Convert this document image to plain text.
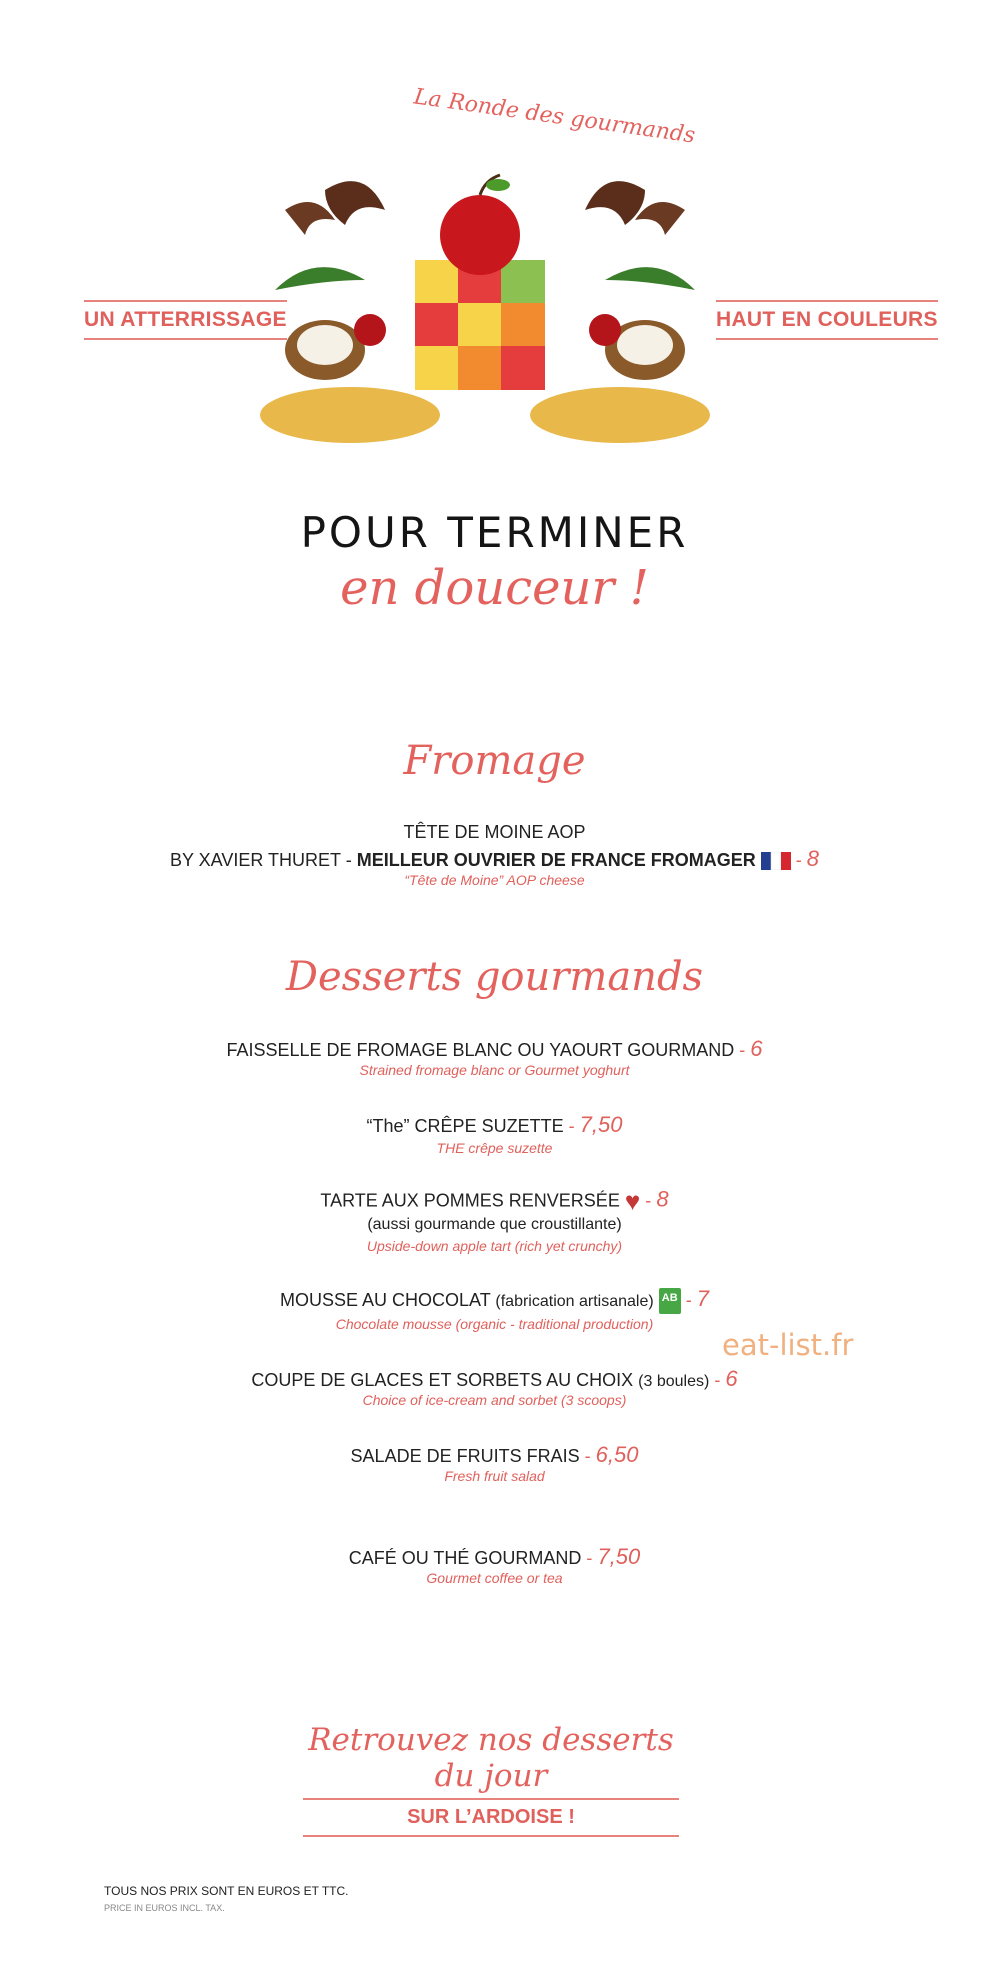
La Ronde des gourmands
UN ATTERRISSAGE	HAUT EN COULEURS
POUR TERMINER
en douceur !
Fromage
TÊTE DE MOINE AOP
BY XAVIER THURET - MEILLEUR OUVRIER DE FRANCE FROMAGER - 8
“Tête de Moine” AOP cheese
Desserts gourmands
FAISSELLE DE FROMAGE BLANC OU YAOURT GOURMAND - 6
Strained fromage blanc or Gourmet yoghurt
“The” CRÊPE SUZETTE - 7,50
THE crêpe suzette
TARTE AUX POMMES RENVERSÉE ♥ - 8
(aussi gourmande que croustillante)
Upside-down apple tart (rich yet crunchy)
MOUSSE AU CHOCOLAT (fabrication artisanale) AB - 7
Chocolate mousse (organic - traditional production)
eat-list.fr
COUPE DE GLACES ET SORBETS AU CHOIX (3 boules) - 6
Choice of ice-cream and sorbet (3 scoops)
SALADE DE FRUITS FRAIS - 6,50
Fresh fruit salad
CAFÉ OU THÉ GOURMAND - 7,50
Gourmet coffee or tea
Retrouvez nos desserts du jour
SUR L’ARDOISE !
TOUS NOS PRIX SONT EN EUROS ET TTC.
PRICE IN EUROS INCL. TAX.
